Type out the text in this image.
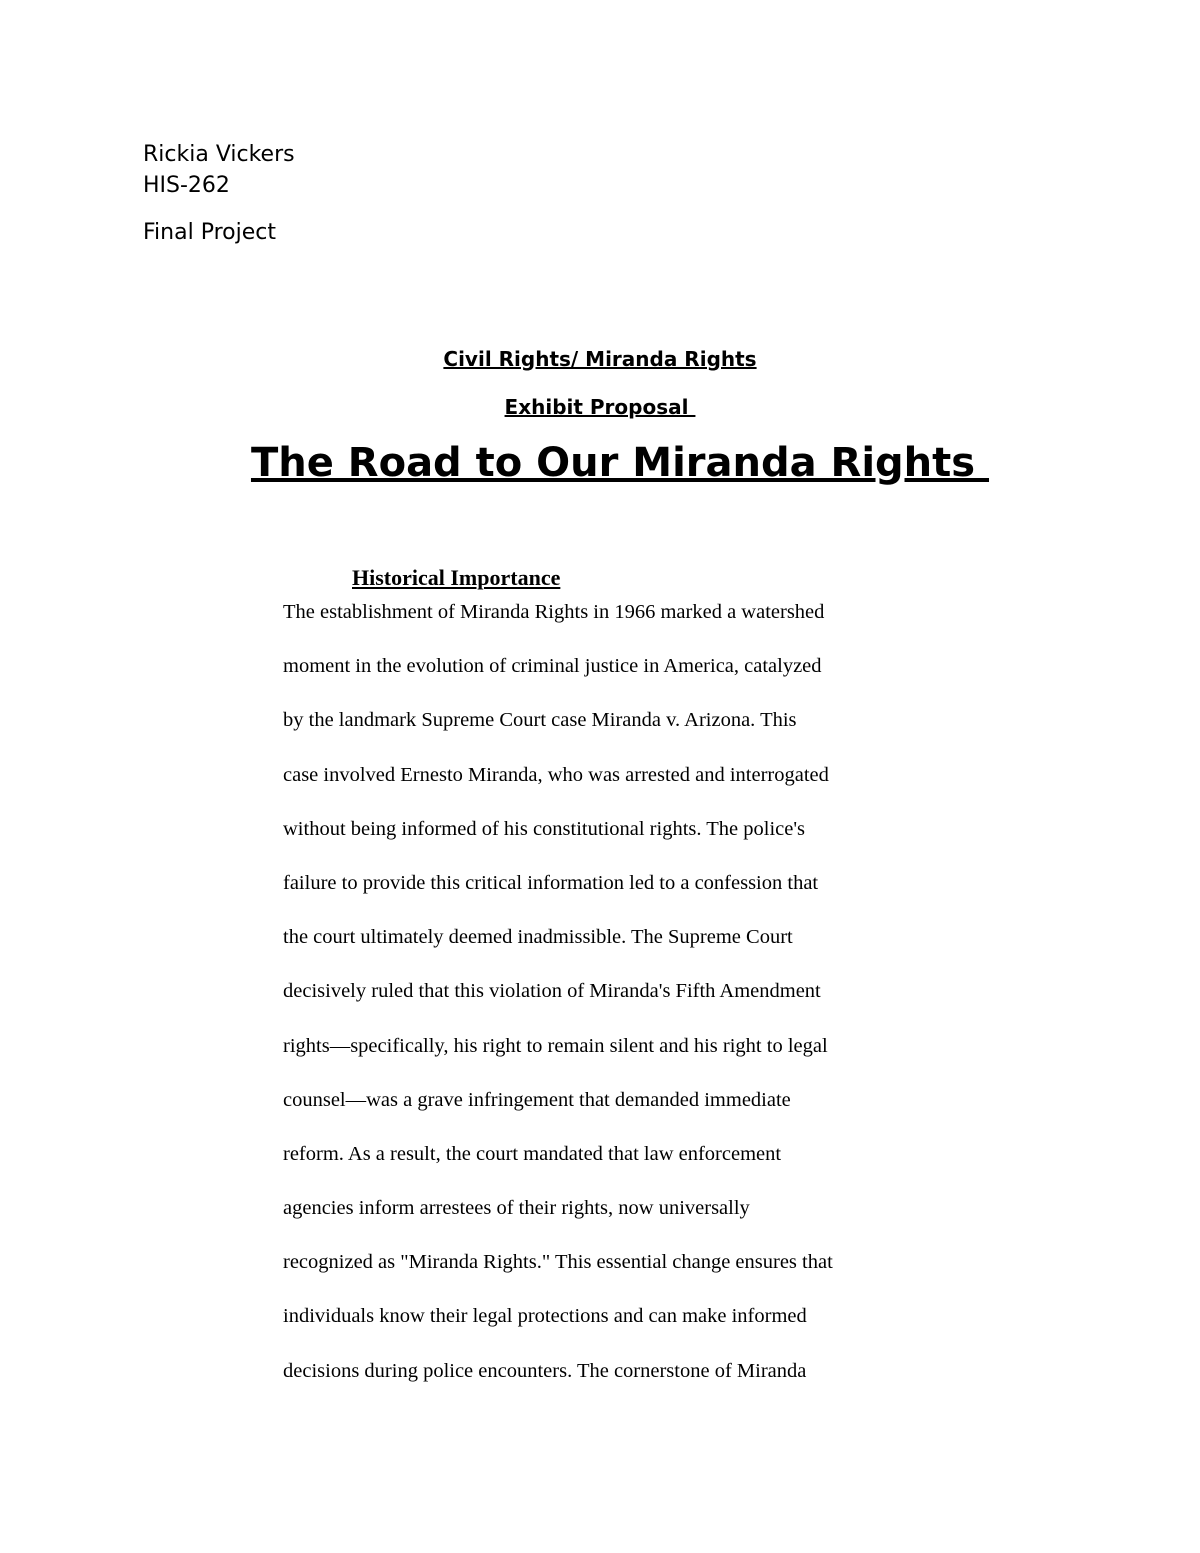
Rickia Vickers
HIS-262
Final Project
Civil Rights/ Miranda Rights
Exhibit Proposal
The Road to Our Miranda Rights
Historical Importance
The establishment of Miranda Rights in 1966 marked a watershed
moment in the evolution of criminal justice in America, catalyzed
by the landmark Supreme Court case Miranda v. Arizona. This
case involved Ernesto Miranda, who was arrested and interrogated
without being informed of his constitutional rights. The police's
failure to provide this critical information led to a confession that
the court ultimately deemed inadmissible. The Supreme Court
decisively ruled that this violation of Miranda's Fifth Amendment
rights—specifically, his right to remain silent and his right to legal
counsel—was a grave infringement that demanded immediate
reform. As a result, the court mandated that law enforcement
agencies inform arrestees of their rights, now universally
recognized as "Miranda Rights." This essential change ensures that
individuals know their legal protections and can make informed
decisions during police encounters. The cornerstone of Miranda
